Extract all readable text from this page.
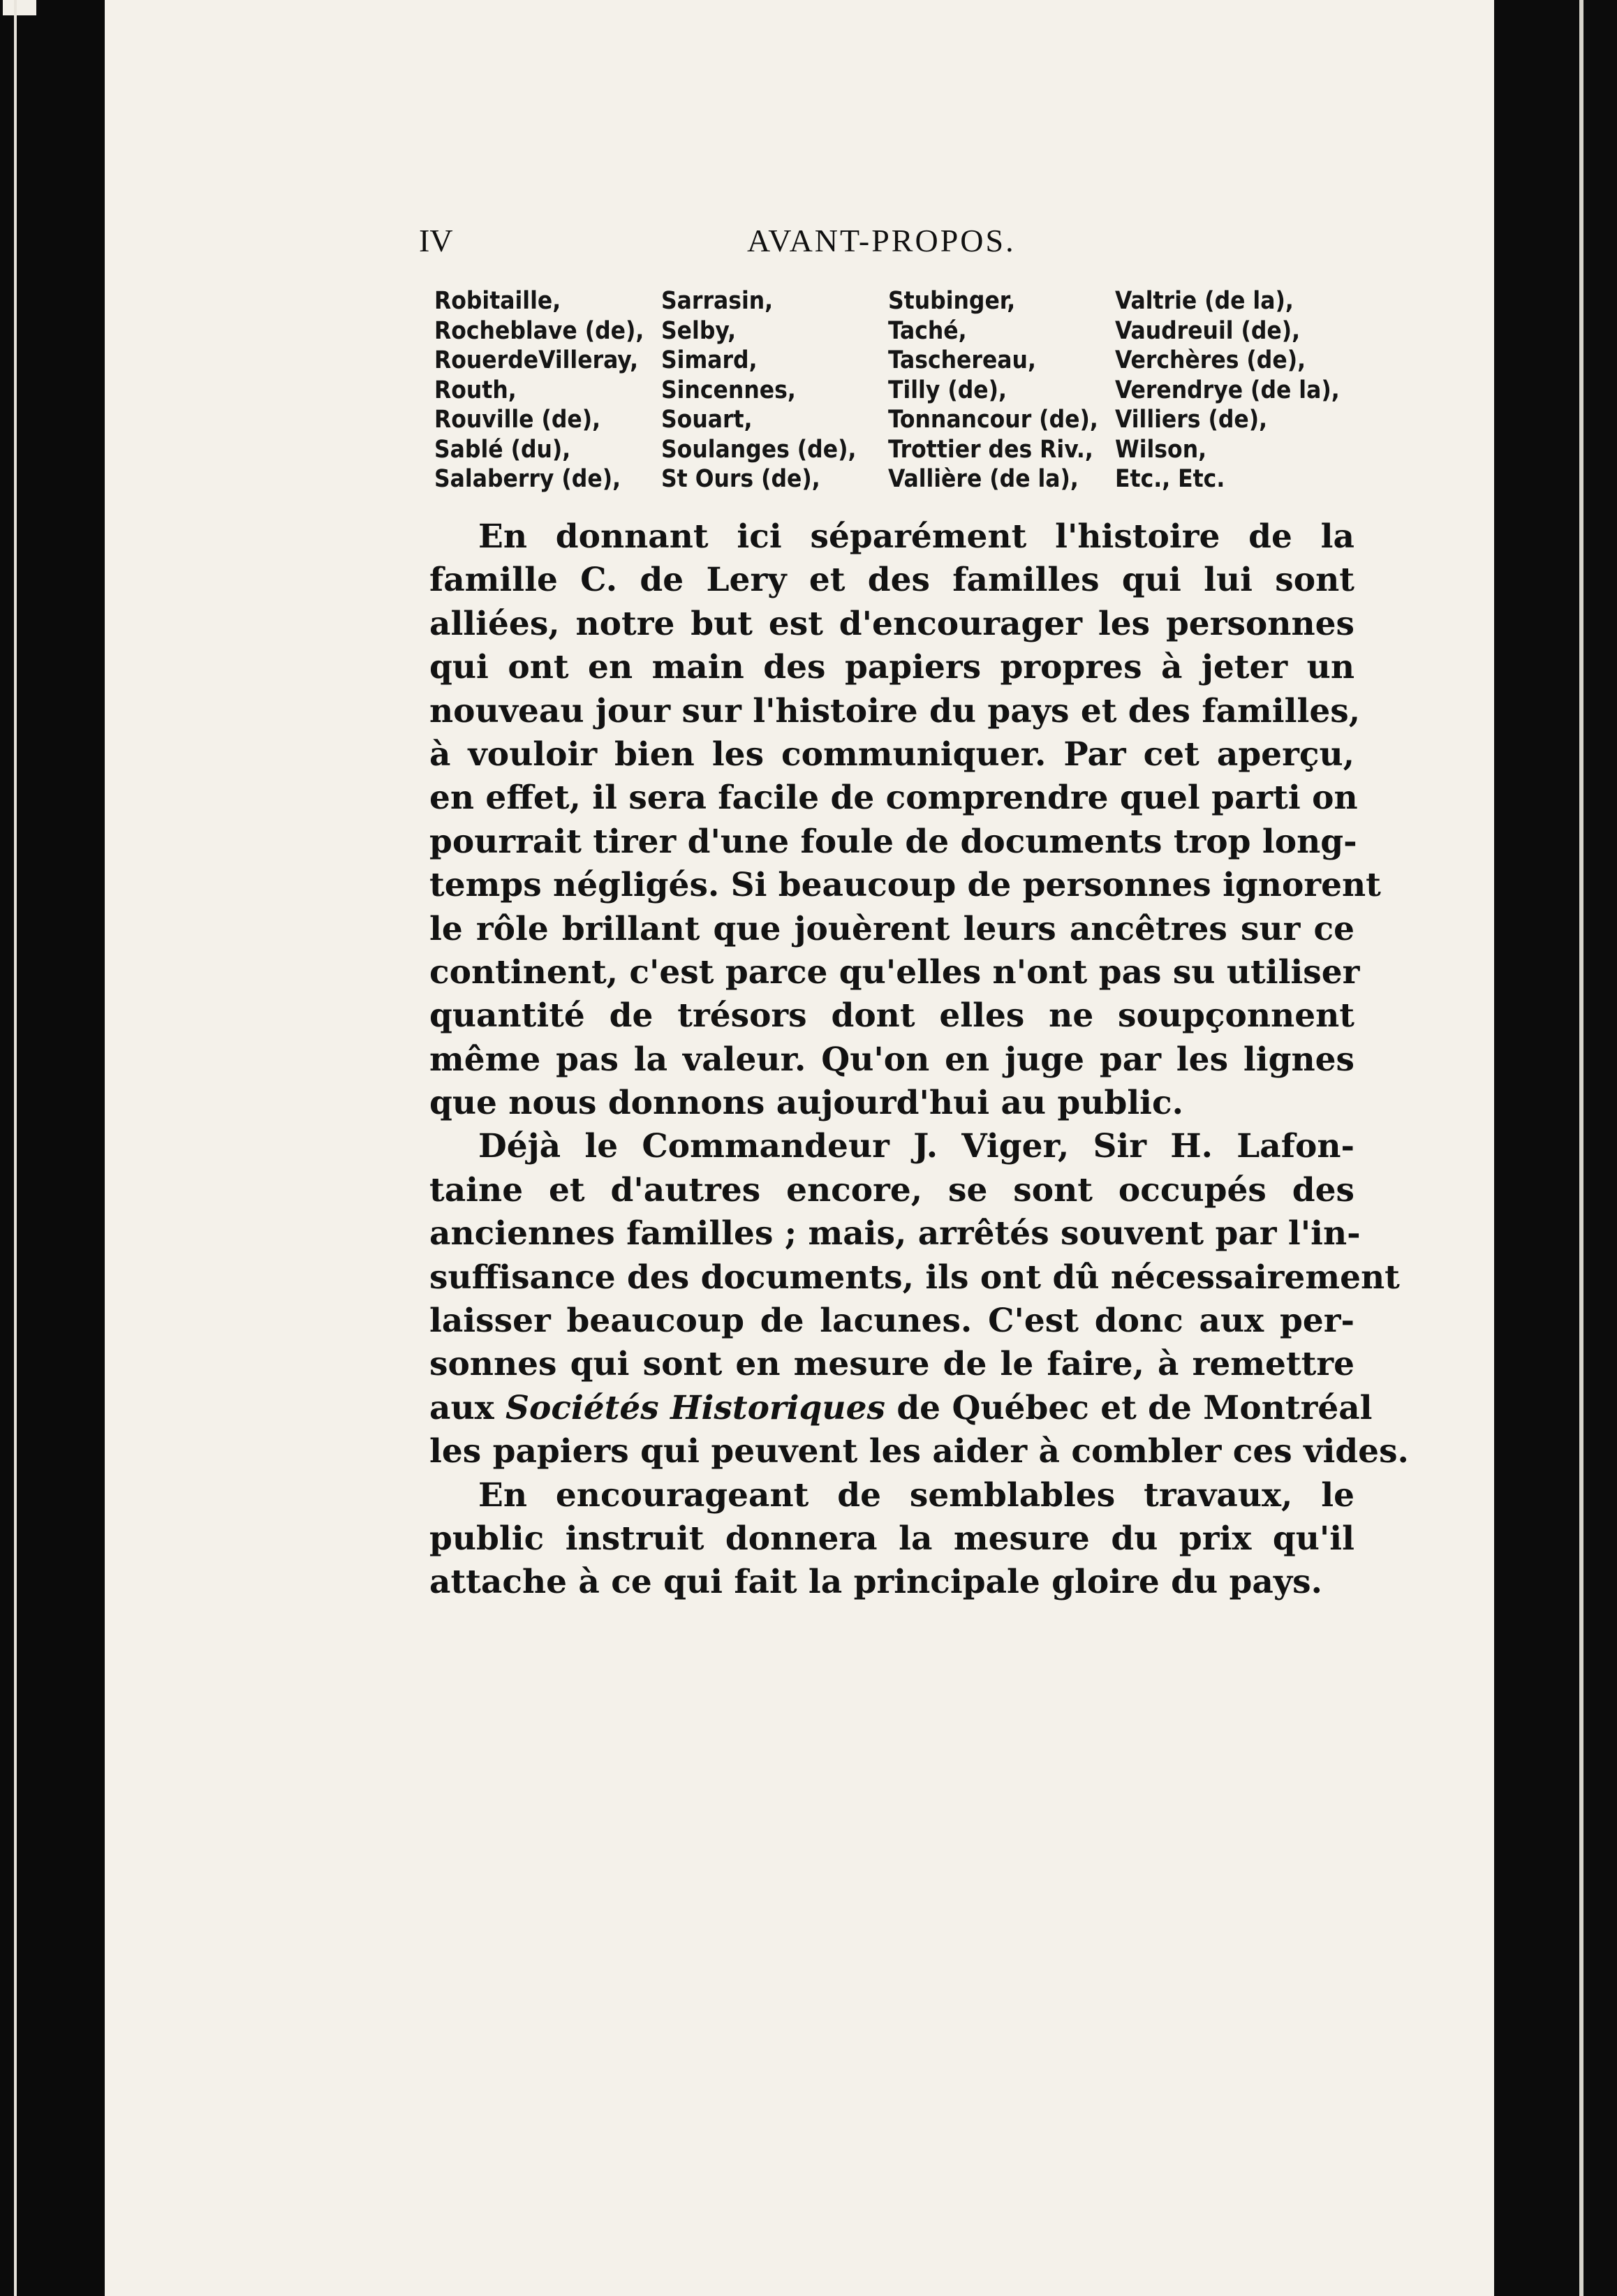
IV	AVANT-PROPOS.
Robitaille,
Rocheblave (de),
RouerdeVilleray,
Routh,
Rouville (de),
Sablé (du),
Salaberry (de),
Sarrasin,
Selby,
Simard,
Sincennes,
Souart,
Soulanges (de),
St Ours (de),
Stubinger,
Taché,
Taschereau,
Tilly (de),
Tonnancour (de),
Trottier des Riv.,
Vallière (de la),
Valtrie (de la),
Vaudreuil (de),
Verchères (de),
Verendrye (de la),
Villiers (de),
Wilson,
Etc., Etc.

En donnant ici séparément l'histoire de la
famille C. de Lery et des familles qui lui sont
alliées, notre but est d'encourager les personnes
qui ont en main des papiers propres à jeter un
nouveau jour sur l'histoire du pays et des familles,
à vouloir bien les communiquer. Par cet aperçu,
en effet, il sera facile de comprendre quel parti on
pourrait tirer d'une foule de documents trop long-
temps négligés. Si beaucoup de personnes ignorent
le rôle brillant que jouèrent leurs ancêtres sur ce
continent, c'est parce qu'elles n'ont pas su utiliser
quantité de trésors dont elles ne soupçonnent
même pas la valeur. Qu'on en juge par les lignes
que nous donnons aujourd'hui au public.

Déjà le Commandeur J. Viger, Sir H. Lafon-
taine et d'autres encore, se sont occupés des
anciennes familles ; mais, arrêtés souvent par l'in-
suffisance des documents, ils ont dû nécessairement
laisser beaucoup de lacunes. C'est donc aux per-
sonnes qui sont en mesure de le faire, à remettre
aux Sociétés Historiques de Québec et de Montréal
les papiers qui peuvent les aider à combler ces vides.

En encourageant de semblables travaux, le
public instruit donnera la mesure du prix qu'il
attache à ce qui fait la principale gloire du pays.
